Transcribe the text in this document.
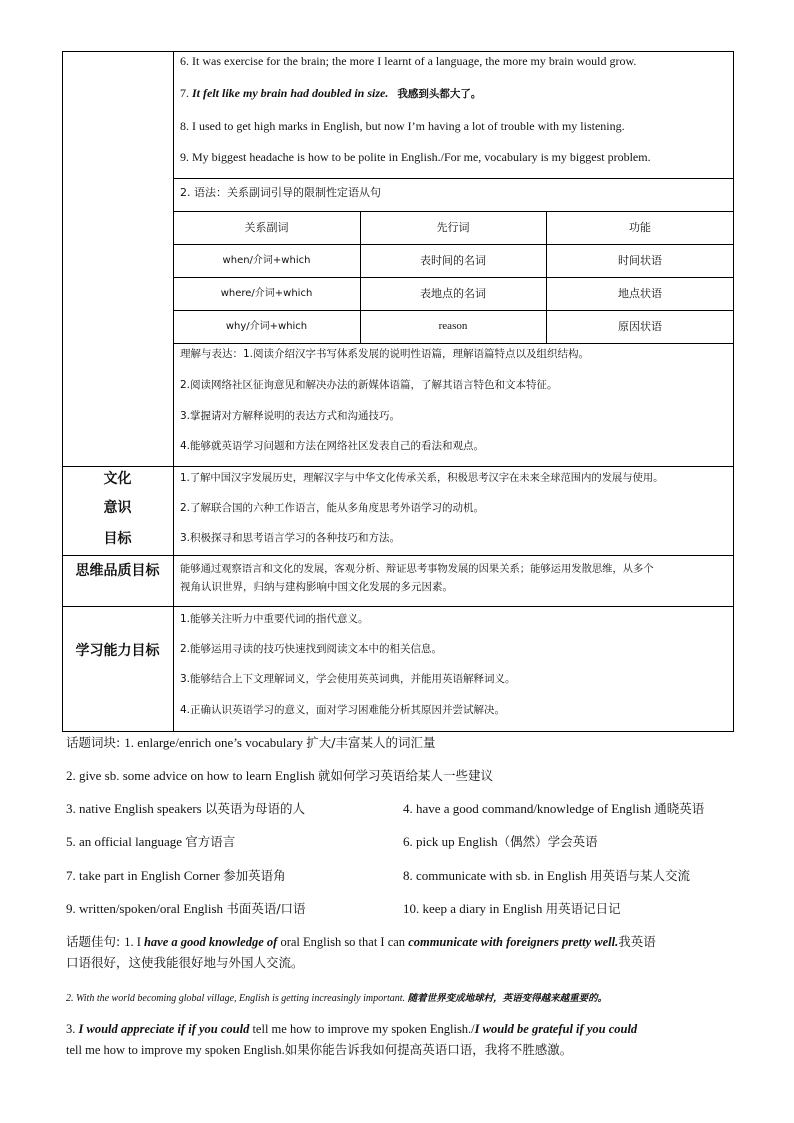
6. It was exercise for the brain; the more I learnt of a language, the more my brain would grow.
7. It felt like my brain had doubled in size. 我感到头都大了。
8. I used to get high marks in English, but now I’m having a lot of trouble with my listening.
9. My biggest headache is how to be polite in English./For me, vocabulary is my biggest problem.
2. 语法：关系副词引导的限制性定语从句
关系副词	先行词	功能
when/介词+which	表时间的名词	时间状语
where/介词+which	表地点的名词	地点状语
why/介词+which	reason	原因状语
理解与表达：1.阅读介绍汉字书写体系发展的说明性语篇，理解语篇特点以及组织结构。
2.阅读网络社区征询意见和解决办法的新媒体语篇，了解其语言特色和文本特征。
3.掌握请对方解释说明的表达方式和沟通技巧。
4.能够就英语学习问题和方法在网络社区发表自己的看法和观点。
文化
意识
目标
1.了解中国汉字发展历史，理解汉字与中华文化传承关系，积极思考汉字在未来全球范围内的发展与使用。
2.了解联合国的六种工作语言，能从多角度思考外语学习的动机。
3.积极探寻和思考语言学习的各种技巧和方法。
思维品质目标	能够通过观察语言和文化的发展，客观分析、辩证思考事物发展的因果关系；能够运用发散思维，从多个
视角认识世界，归纳与建构影响中国文化发展的多元因素。
学习能力目标
1.能够关注听力中重要代词的指代意义。
2.能够运用寻读的技巧快速找到阅读文本中的相关信息。
3.能够结合上下文理解词义，学会使用英英词典，并能用英语解释词义。
4.正确认识英语学习的意义，面对学习困难能分析其原因并尝试解决。
话题词块: 1. enlarge/enrich one’s vocabulary 扩大/丰富某人的词汇量
2. give sb. some advice on how to learn English 就如何学习英语给某人一些建议
3. native English speakers 以英语为母语的人	4. have a good command/knowledge of English 通晓英语
5. an official language 官方语言	6. pick up English（偶然）学会英语
7. take part in English Corner 参加英语角	8. communicate with sb. in English 用英语与某人交流
9. written/spoken/oral English 书面英语/口语	10. keep a diary in English 用英语记日记
话题佳句: 1. I have a good knowledge of oral English so that I can communicate with foreigners pretty well.我英语
口语很好，这使我能很好地与外国人交流。
2. With the world becoming global village, English is getting increasingly important. 随着世界变成地球村，英语变得越来越重要的。
3. I would appreciate if if you could tell me how to improve my spoken English./I would be grateful if you could
tell me how to improve my spoken English.如果你能告诉我如何提高英语口语，我将不胜感激。
